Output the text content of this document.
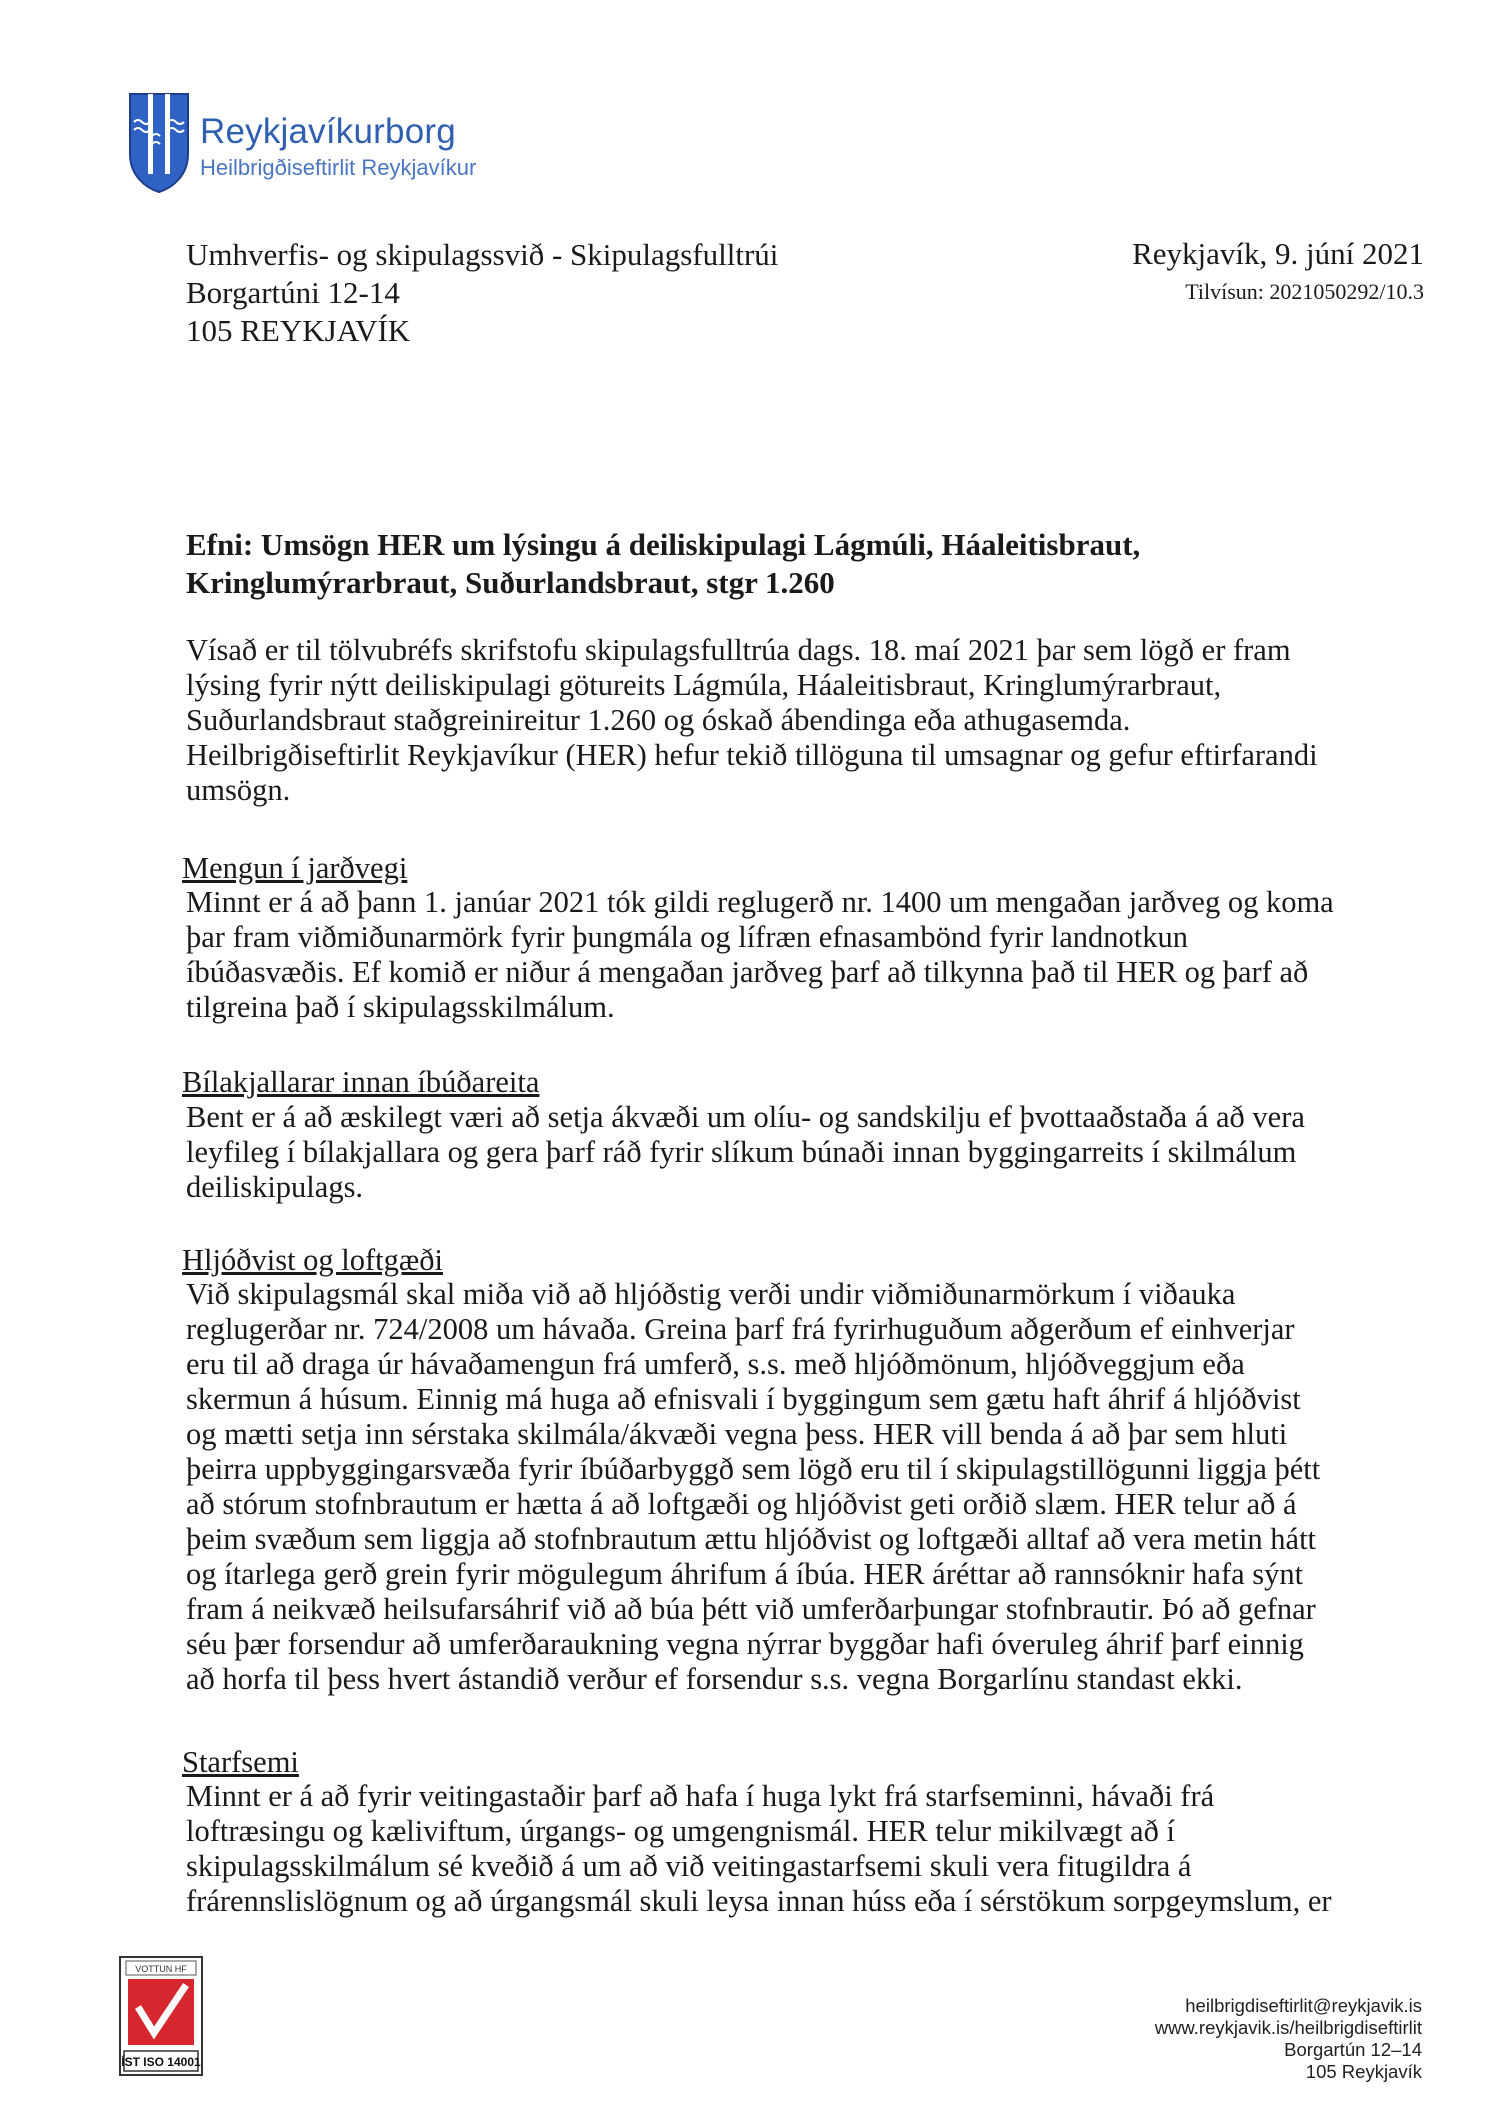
Reykjavíkurborg
Heilbrigðiseftirlit Reykjavíkur
Umhverfis- og skipulagssvið - Skipulagsfulltrúi
Borgartúni 12-14
105 REYKJAVÍK
Reykjavík, 9. júní 2021
Tilvísun: 2021050292/10.3
Efni: Umsögn HER um lýsingu á deiliskipulagi Lágmúli, Háaleitisbraut,
Kringlumýrarbraut, Suðurlandsbraut, stgr 1.260
Vísað er til tölvubréfs skrifstofu skipulagsfulltrúa dags. 18. maí 2021 þar sem lögð er fram
lýsing fyrir nýtt deiliskipulagi götureits Lágmúla, Háaleitisbraut, Kringlumýrarbraut,
Suðurlandsbraut staðgreinireitur 1.260 og óskað ábendinga eða athugasemda.
Heilbrigðiseftirlit Reykjavíkur (HER) hefur tekið tillöguna til umsagnar og gefur eftirfarandi
umsögn.
Mengun í jarðvegi
Minnt er á að þann 1. janúar 2021 tók gildi reglugerð nr. 1400 um mengaðan jarðveg og koma
þar fram viðmiðunarmörk fyrir þungmála og lífræn efnasambönd fyrir landnotkun
íbúðasvæðis. Ef komið er niður á mengaðan jarðveg þarf að tilkynna það til HER og þarf að
tilgreina það í skipulagsskilmálum.
Bílakjallarar innan íbúðareita
Bent er á að æskilegt væri að setja ákvæði um olíu- og sandskilju ef þvottaaðstaða á að vera
leyfileg í bílakjallara og gera þarf ráð fyrir slíkum búnaði innan byggingarreits í skilmálum
deiliskipulags.
Hljóðvist og loftgæði
Við skipulagsmál skal miða við að hljóðstig verði undir viðmiðunarmörkum í viðauka
reglugerðar nr. 724/2008 um hávaða. Greina þarf frá fyrirhuguðum aðgerðum ef einhverjar
eru til að draga úr hávaðamengun frá umferð, s.s. með hljóðmönum, hljóðveggjum eða
skermun á húsum. Einnig má huga að efnisvali í byggingum sem gætu haft áhrif á hljóðvist
og mætti setja inn sérstaka skilmála/ákvæði vegna þess. HER vill benda á að þar sem hluti
þeirra uppbyggingarsvæða fyrir íbúðarbyggð sem lögð eru til í skipulagstillögunni liggja þétt
að stórum stofnbrautum er hætta á að loftgæði og hljóðvist geti orðið slæm. HER telur að á
þeim svæðum sem liggja að stofnbrautum ættu hljóðvist og loftgæði alltaf að vera metin hátt
og ítarlega gerð grein fyrir mögulegum áhrifum á íbúa. HER áréttar að rannsóknir hafa sýnt
fram á neikvæð heilsufarsáhrif við að búa þétt við umferðarþungar stofnbrautir. Þó að gefnar
séu þær forsendur að umferðaraukning vegna nýrrar byggðar hafi óveruleg áhrif þarf einnig
að horfa til þess hvert ástandið verður ef forsendur s.s. vegna Borgarlínu standast ekki.
Starfsemi
Minnt er á að fyrir veitingastaðir þarf að hafa í huga lykt frá starfseminni, hávaði frá
loftræsingu og kæliviftum, úrgangs- og umgengnismál. HER telur mikilvægt að í
skipulagsskilmálum sé kveðið á um að við veitingastarfsemi skuli vera fitugildra á
frárennslislögnum og að úrgangsmál skuli leysa innan húss eða í sérstökum sorpgeymslum, er
VOTTUN HF
ÍST ISO 14001
heilbrigdiseftirlit@reykjavik.is
www.reykjavik.is/heilbrigdiseftirlit
Borgartún 12–14
105 Reykjavík
